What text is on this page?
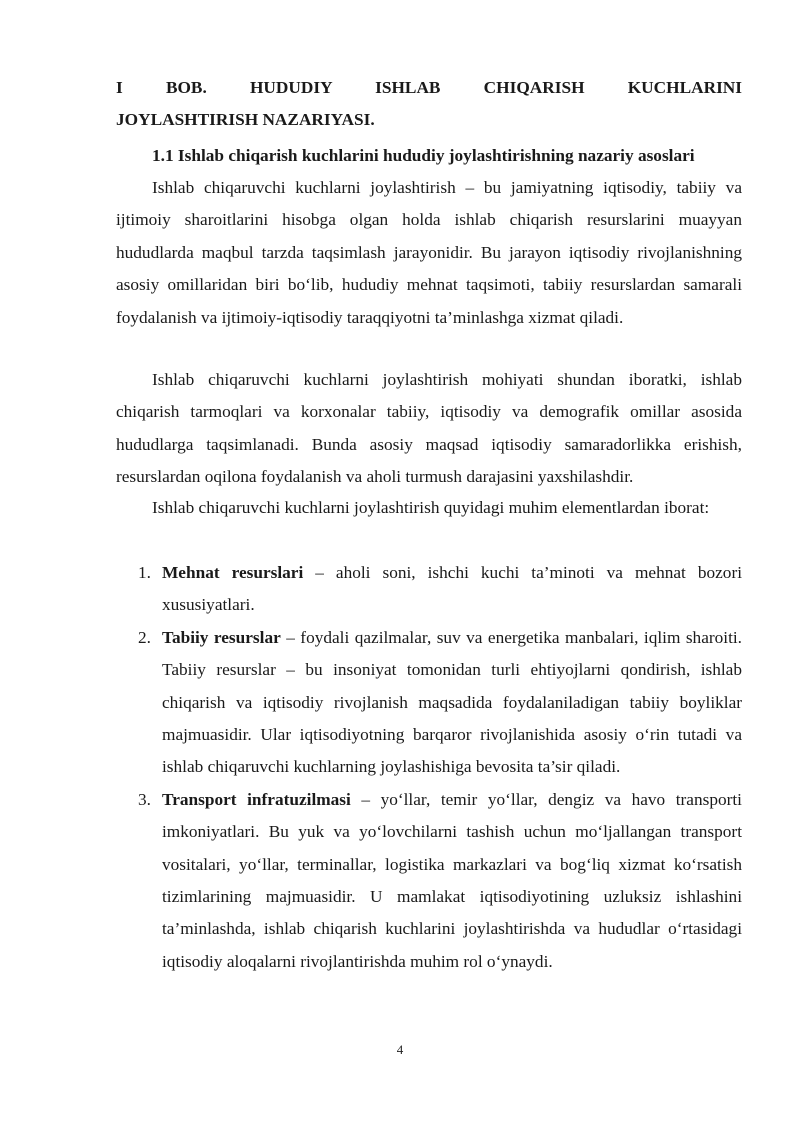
I BOB. HUDUDIY ISHLAB CHIQARISH KUCHLARINI
JOYLASHTIRISH NAZARIYASI.
1.1 Ishlab chiqarish kuchlarini hududiy joylashtirishning nazariy asoslari
Ishlab chiqaruvchi kuchlarni joylashtirish – bu jamiyatning iqtisodiy, tabiiy va ijtimoiy sharoitlarini hisobga olgan holda ishlab chiqarish resurslarini muayyan hududlarda maqbul tarzda taqsimlash jarayonidir. Bu jarayon iqtisodiy rivojlanishning asosiy omillaridan biri bo‘lib, hududiy mehnat taqsimoti, tabiiy resurslardan samarali foydalanish va ijtimoiy-iqtisodiy taraqqiyotni ta’minlashga xizmat qiladi.
Ishlab chiqaruvchi kuchlarni joylashtirish mohiyati shundan iboratki, ishlab chiqarish tarmoqlari va korxonalar tabiiy, iqtisodiy va demografik omillar asosida hududlarga taqsimlanadi. Bunda asosiy maqsad iqtisodiy samaradorlikka erishish, resurslardan oqilona foydalanish va aholi turmush darajasini yaxshilashdir.
Ishlab chiqaruvchi kuchlarni joylashtirish quyidagi muhim elementlardan iborat:
1. Mehnat resurslari – aholi soni, ishchi kuchi ta’minoti va mehnat bozori xususiyatlari.
2. Tabiiy resurslar – foydali qazilmalar, suv va energetika manbalari, iqlim sharoiti. Tabiiy resurslar – bu insoniyat tomonidan turli ehtiyojlarni qondirish, ishlab chiqarish va iqtisodiy rivojlanish maqsadida foydalaniladigan tabiiy boyliklar majmuasidir. Ular iqtisodiyotning barqaror rivojlanishida asosiy o‘rin tutadi va ishlab chiqaruvchi kuchlarning joylashishiga bevosita ta’sir qiladi.
3. Transport infratuzilmasi – yo‘llar, temir yo‘llar, dengiz va havo transporti imkoniyatlari. Bu yuk va yo‘lovchilarni tashish uchun mo‘ljallangan transport vositalari, yo‘llar, terminallar, logistika markazlari va bog‘liq xizmat ko‘rsatish tizimlarining majmuasidir. U mamlakat iqtisodiyotining uzluksiz ishlashini ta’minlashda, ishlab chiqarish kuchlarini joylashtirishda va hududlar o‘rtasidagi iqtisodiy aloqalarni rivojlantirishda muhim rol o‘ynaydi.
4
